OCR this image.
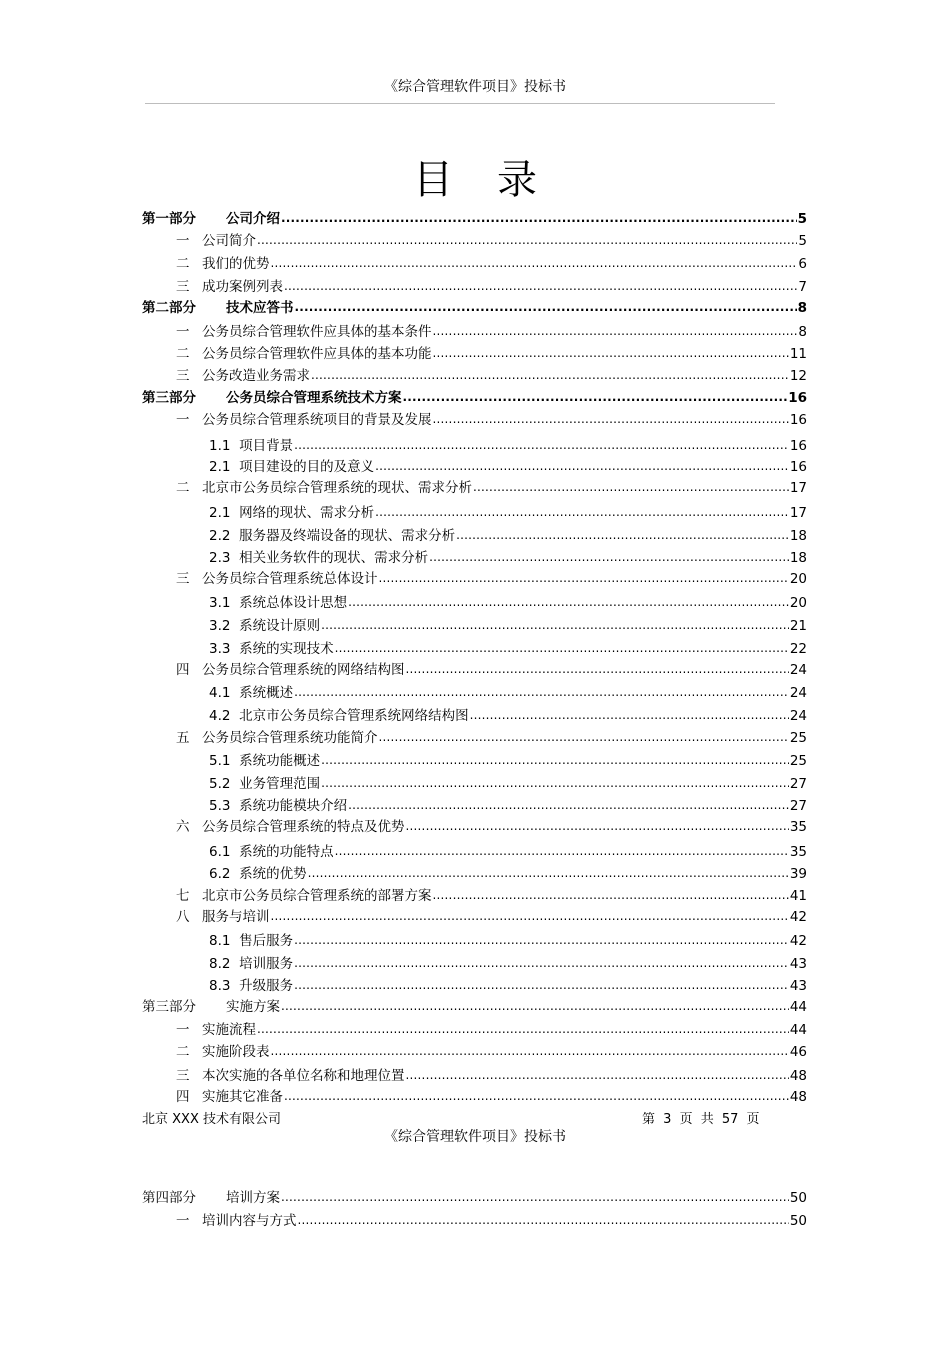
《综合管理软件项目》投标书
目录
第一部分 公司介绍 .....	5
一 公司简介 .....	5
二 我们的优势 .....	6
三 成功案例列表 .....	7
第二部分 技术应答书 .....	8
一 公务员综合管理软件应具体的基本条件 .....	8
二 公务员综合管理软件应具体的基本功能 .....	11
三 公务改造业务需求 .....	12
第三部分 公务员综合管理系统技术方案 .....	16
一 公务员综合管理系统项目的背景及发展 .....	16
1.1 项目背景 .....	16
2.1 项目建设的目的及意义 .....	16
二 北京市公务员综合管理系统的现状、需求分析 .....	17
2.1 网络的现状、需求分析 .....	17
2.2 服务器及终端设备的现状、需求分析 .....	18
2.3 相关业务软件的现状、需求分析 .....	18
三 公务员综合管理系统总体设计 .....	20
3.1 系统总体设计思想 .....	20
3.2 系统设计原则 .....	21
3.3 系统的实现技术 .....	22
四 公务员综合管理系统的网络结构图 .....	24
4.1 系统概述 .....	24
4.2 北京市公务员综合管理系统网络结构图 .....	24
五 公务员综合管理系统功能简介 .....	25
5.1 系统功能概述 .....	25
5.2 业务管理范围 .....	27
5.3 系统功能模块介绍 .....	27
六 公务员综合管理系统的特点及优势 .....	35
6.1 系统的功能特点 .....	35
6.2 系统的优势 .....	39
七 北京市公务员综合管理系统的部署方案 .....	41
八 服务与培训 .....	42
8.1 售后服务 .....	42
8.2 培训服务 .....	43
8.3 升级服务 .....	43
第三部分 实施方案 .....	44
一 实施流程 .....	44
二 实施阶段表 .....	46
三 本次实施的各单位名称和地理位置 .....	48
四 实施其它准备 .....	48
北京 XXX 技术有限公司	第 3 页 共 57 页
《综合管理软件项目》投标书
第四部分 培训方案 .....	50
一 培训内容与方式 .....	50
